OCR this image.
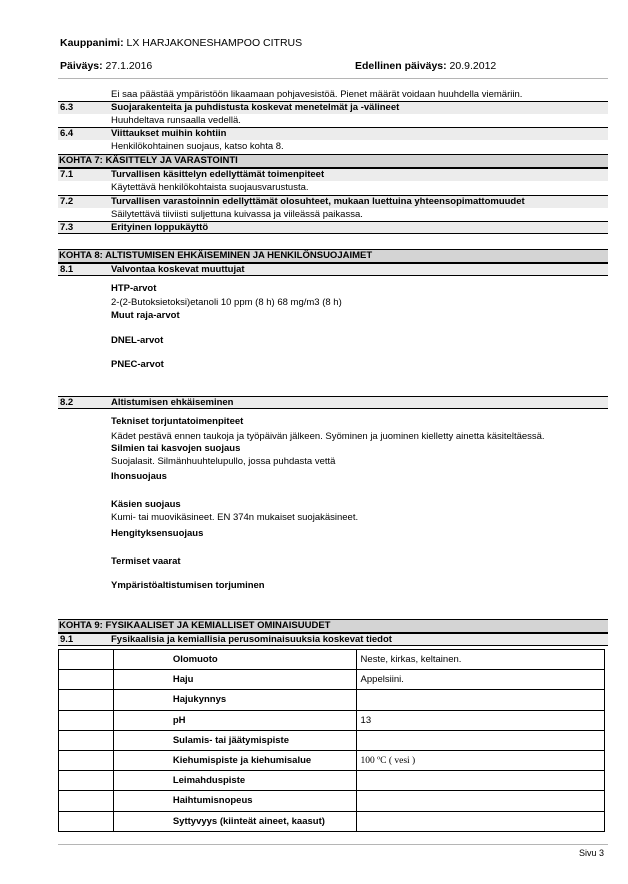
Kauppanimi: LX HARJAKONESHAMPOO CITRUS
Päiväys: 27.1.2016	Edellinen päiväys: 20.9.2012
Ei saa päästää ympäristöön likaamaan pohjavesistöä. Pienet määrät voidaan huuhdella viemäriin.
6.3	Suojarakenteita ja puhdistusta koskevat menetelmät ja -välineet
Huuhdeltava runsaalla vedellä.
6.4	Viittaukset muihin kohtiin
Henkilökohtainen suojaus, katso kohta 8.
KOHTA 7: KÄSITTELY JA VARASTOINTI
7.1	Turvallisen käsittelyn edellyttämät toimenpiteet
Käytettävä henkilökohtaista suojausvarustusta.
7.2	Turvallisen varastoinnin edellyttämät olosuhteet, mukaan luettuina yhteensopimattomuudet
Säilytettävä tiiviisti suljettuna kuivassa ja viileässä paikassa.
7.3	Erityinen loppukäyttö
KOHTA 8: ALTISTUMISEN EHKÄISEMINEN JA HENKILÖNSUOJAIMET
8.1	Valvontaa koskevat muuttujat
HTP-arvot
2-(2-Butoksietoksi)etanoli 10 ppm (8 h) 68 mg/m3 (8 h)
Muut raja-arvot
DNEL-arvot
PNEC-arvot
8.2	Altistumisen ehkäiseminen
Tekniset torjuntatoimenpiteet
Kädet pestävä ennen taukoja ja työpäivän jälkeen. Syöminen ja juominen kielletty ainetta käsiteltäessä.
Silmien tai kasvojen suojaus
Suojalasit. Silmänhuuhtelupullo, jossa puhdasta vettä
Ihonsuojaus
Käsien suojaus
Kumi- tai muovikäsineet. EN 374n mukaiset suojakäsineet.
Hengityksensuojaus
Termiset vaarat
Ympäristöaltistumisen torjuminen
KOHTA 9: FYSIKAALISET JA KEMIALLISET OMINAISUUDET
9.1	Fysikaalisia ja kemiallisia perusominaisuuksia koskevat tiedot
	Olomuoto	Neste, kirkas, keltainen.
	Haju	Appelsiini.
	Hajukynnys	
	pH	13
	Sulamis- tai jäätymispiste	
	Kiehumispiste ja kiehumisalue	100 ºC ( vesi )
	Leimahduspiste	
	Haihtumisnopeus	
	Syttyvyys (kiinteät aineet, kaasut)	
Sivu 3
